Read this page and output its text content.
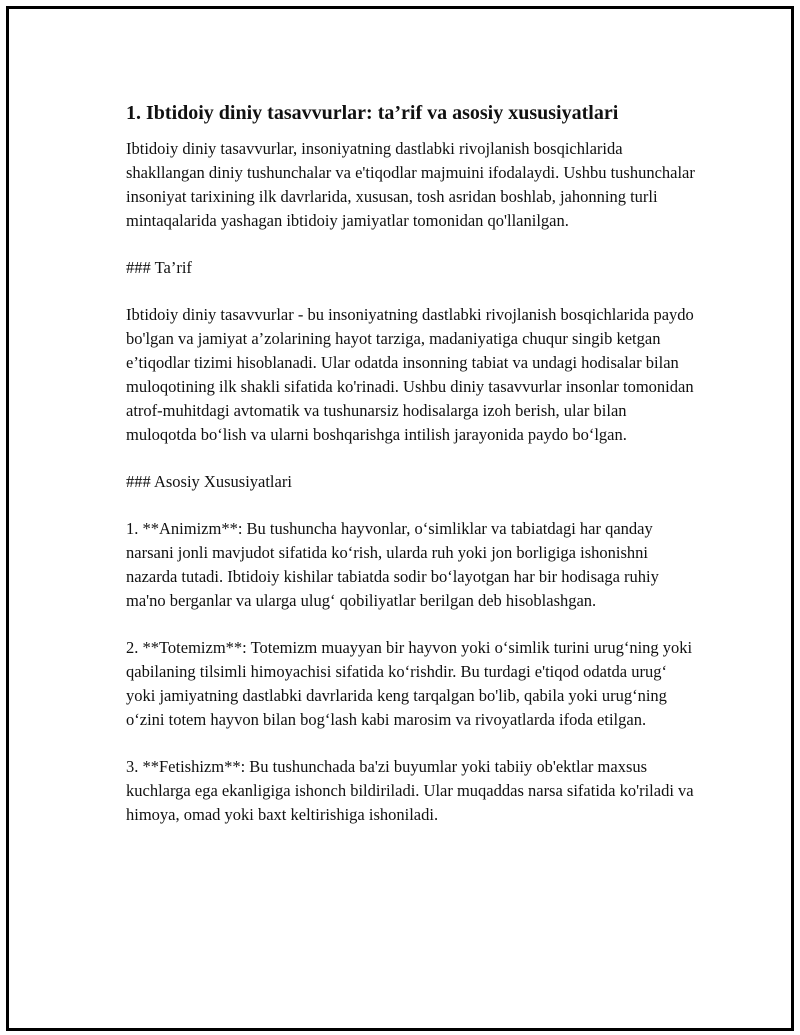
1. Ibtidoiy diniy tasavvurlar: ta’rif va asosiy xususiyatlari

Ibtidoiy diniy tasavvurlar, insoniyatning dastlabki rivojlanish bosqichlarida shakllangan diniy tushunchalar va e'tiqodlar majmuini ifodalaydi. Ushbu tushunchalar insoniyat tarixining ilk davrlarida, xususan, tosh asridan boshlab, jahonning turli mintaqalarida yashagan ibtidoiy jamiyatlar tomonidan qo'llanilgan.

### Ta’rif

Ibtidoiy diniy tasavvurlar - bu insoniyatning dastlabki rivojlanish bosqichlarida paydo bo'lgan va jamiyat a’zolarining hayot tarziga, madaniyatiga chuqur singib ketgan e’tiqodlar tizimi hisoblanadi. Ular odatda insonning tabiat va undagi hodisalar bilan muloqotining ilk shakli sifatida ko'rinadi. Ushbu diniy tasavvurlar insonlar tomonidan atrof-muhitdagi avtomatik va tushunarsiz hodisalarga izoh berish, ular bilan muloqotda bo‘lish va ularni boshqarishga intilish jarayonida paydo bo‘lgan.

### Asosiy Xususiyatlari

1. **Animizm**: Bu tushuncha hayvonlar, o‘simliklar va tabiatdagi har qanday narsani jonli mavjudot sifatida ko‘rish, ularda ruh yoki jon borligiga ishonishni nazarda tutadi. Ibtidoiy kishilar tabiatda sodir bo‘layotgan har bir hodisaga ruhiy ma'no berganlar va ularga ulug‘ qobiliyatlar berilgan deb hisoblashgan.

2. **Totemizm**: Totemizm muayyan bir hayvon yoki o‘simlik turini urug‘ning yoki qabilaning tilsimli himoyachisi sifatida ko‘rishdir. Bu turdagi e'tiqod odatda urug‘ yoki jamiyatning dastlabki davrlarida keng tarqalgan bo'lib, qabila yoki urug‘ning o‘zini totem hayvon bilan bog‘lash kabi marosim va rivoyatlarda ifoda etilgan.

3. **Fetishizm**: Bu tushunchada ba'zi buyumlar yoki tabiiy ob'ektlar maxsus kuchlarga ega ekanligiga ishonch bildiriladi. Ular muqaddas narsa sifatida ko'riladi va himoya, omad yoki baxt keltirishiga ishoniladi.
